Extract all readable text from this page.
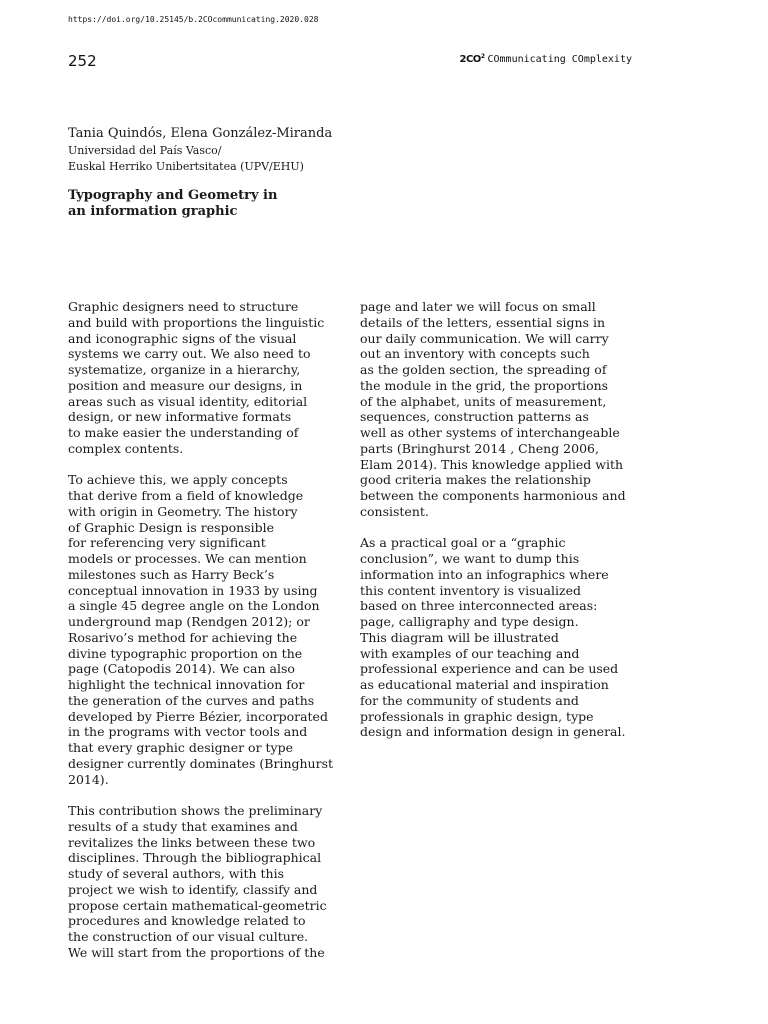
https://doi.org/10.25145/b.2COcommunicating.2020.028
252	$2CO^2$ COmmunicating COmplexity
Tania Quindós, Elena González-Miranda
Universidad del País Vasco/
Euskal Herriko Unibertsitatea (UPV/EHU)
Typography and Geometry in
an information graphic
Graphic designers need to structure
and build with proportions the linguistic
and iconographic signs of the visual
systems we carry out. We also need to
systematize, organize in a hierarchy,
position and measure our designs, in
areas such as visual identity, editorial
design, or new informative formats
to make easier the understanding of
complex contents.
To achieve this, we apply concepts
that derive from a field of knowledge
with origin in Geometry. The history
of Graphic Design is responsible
for referencing very significant
models or processes. We can mention
milestones such as Harry Beck’s
conceptual innovation in 1933 by using
a single 45 degree angle on the London
underground map (Rendgen 2012); or
Rosarivo’s method for achieving the
divine typographic proportion on the
page (Catopodis 2014). We can also
highlight the technical innovation for
the generation of the curves and paths
developed by Pierre Bézier, incorporated
in the programs with vector tools and
that every graphic designer or type
designer currently dominates (Bringhurst
2014).
This contribution shows the preliminary
results of a study that examines and
revitalizes the links between these two
disciplines. Through the bibliographical
study of several authors, with this
project we wish to identify, classify and
propose certain mathematical-geometric
procedures and knowledge related to
the construction of our visual culture.
We will start from the proportions of the
page and later we will focus on small
details of the letters, essential signs in
our daily communication. We will carry
out an inventory with concepts such
as the golden section, the spreading of
the module in the grid, the proportions
of the alphabet, units of measurement,
sequences, construction patterns as
well as other systems of interchangeable
parts (Bringhurst 2014 , Cheng 2006,
Elam 2014). This knowledge applied with
good criteria makes the relationship
between the components harmonious and
consistent.
As a practical goal or a “graphic
conclusion”, we want to dump this
information into an infographics where
this content inventory is visualized
based on three interconnected areas:
page, calligraphy and type design.
This diagram will be illustrated
with examples of our teaching and
professional experience and can be used
as educational material and inspiration
for the community of students and
professionals in graphic design, type
design and information design in general.
